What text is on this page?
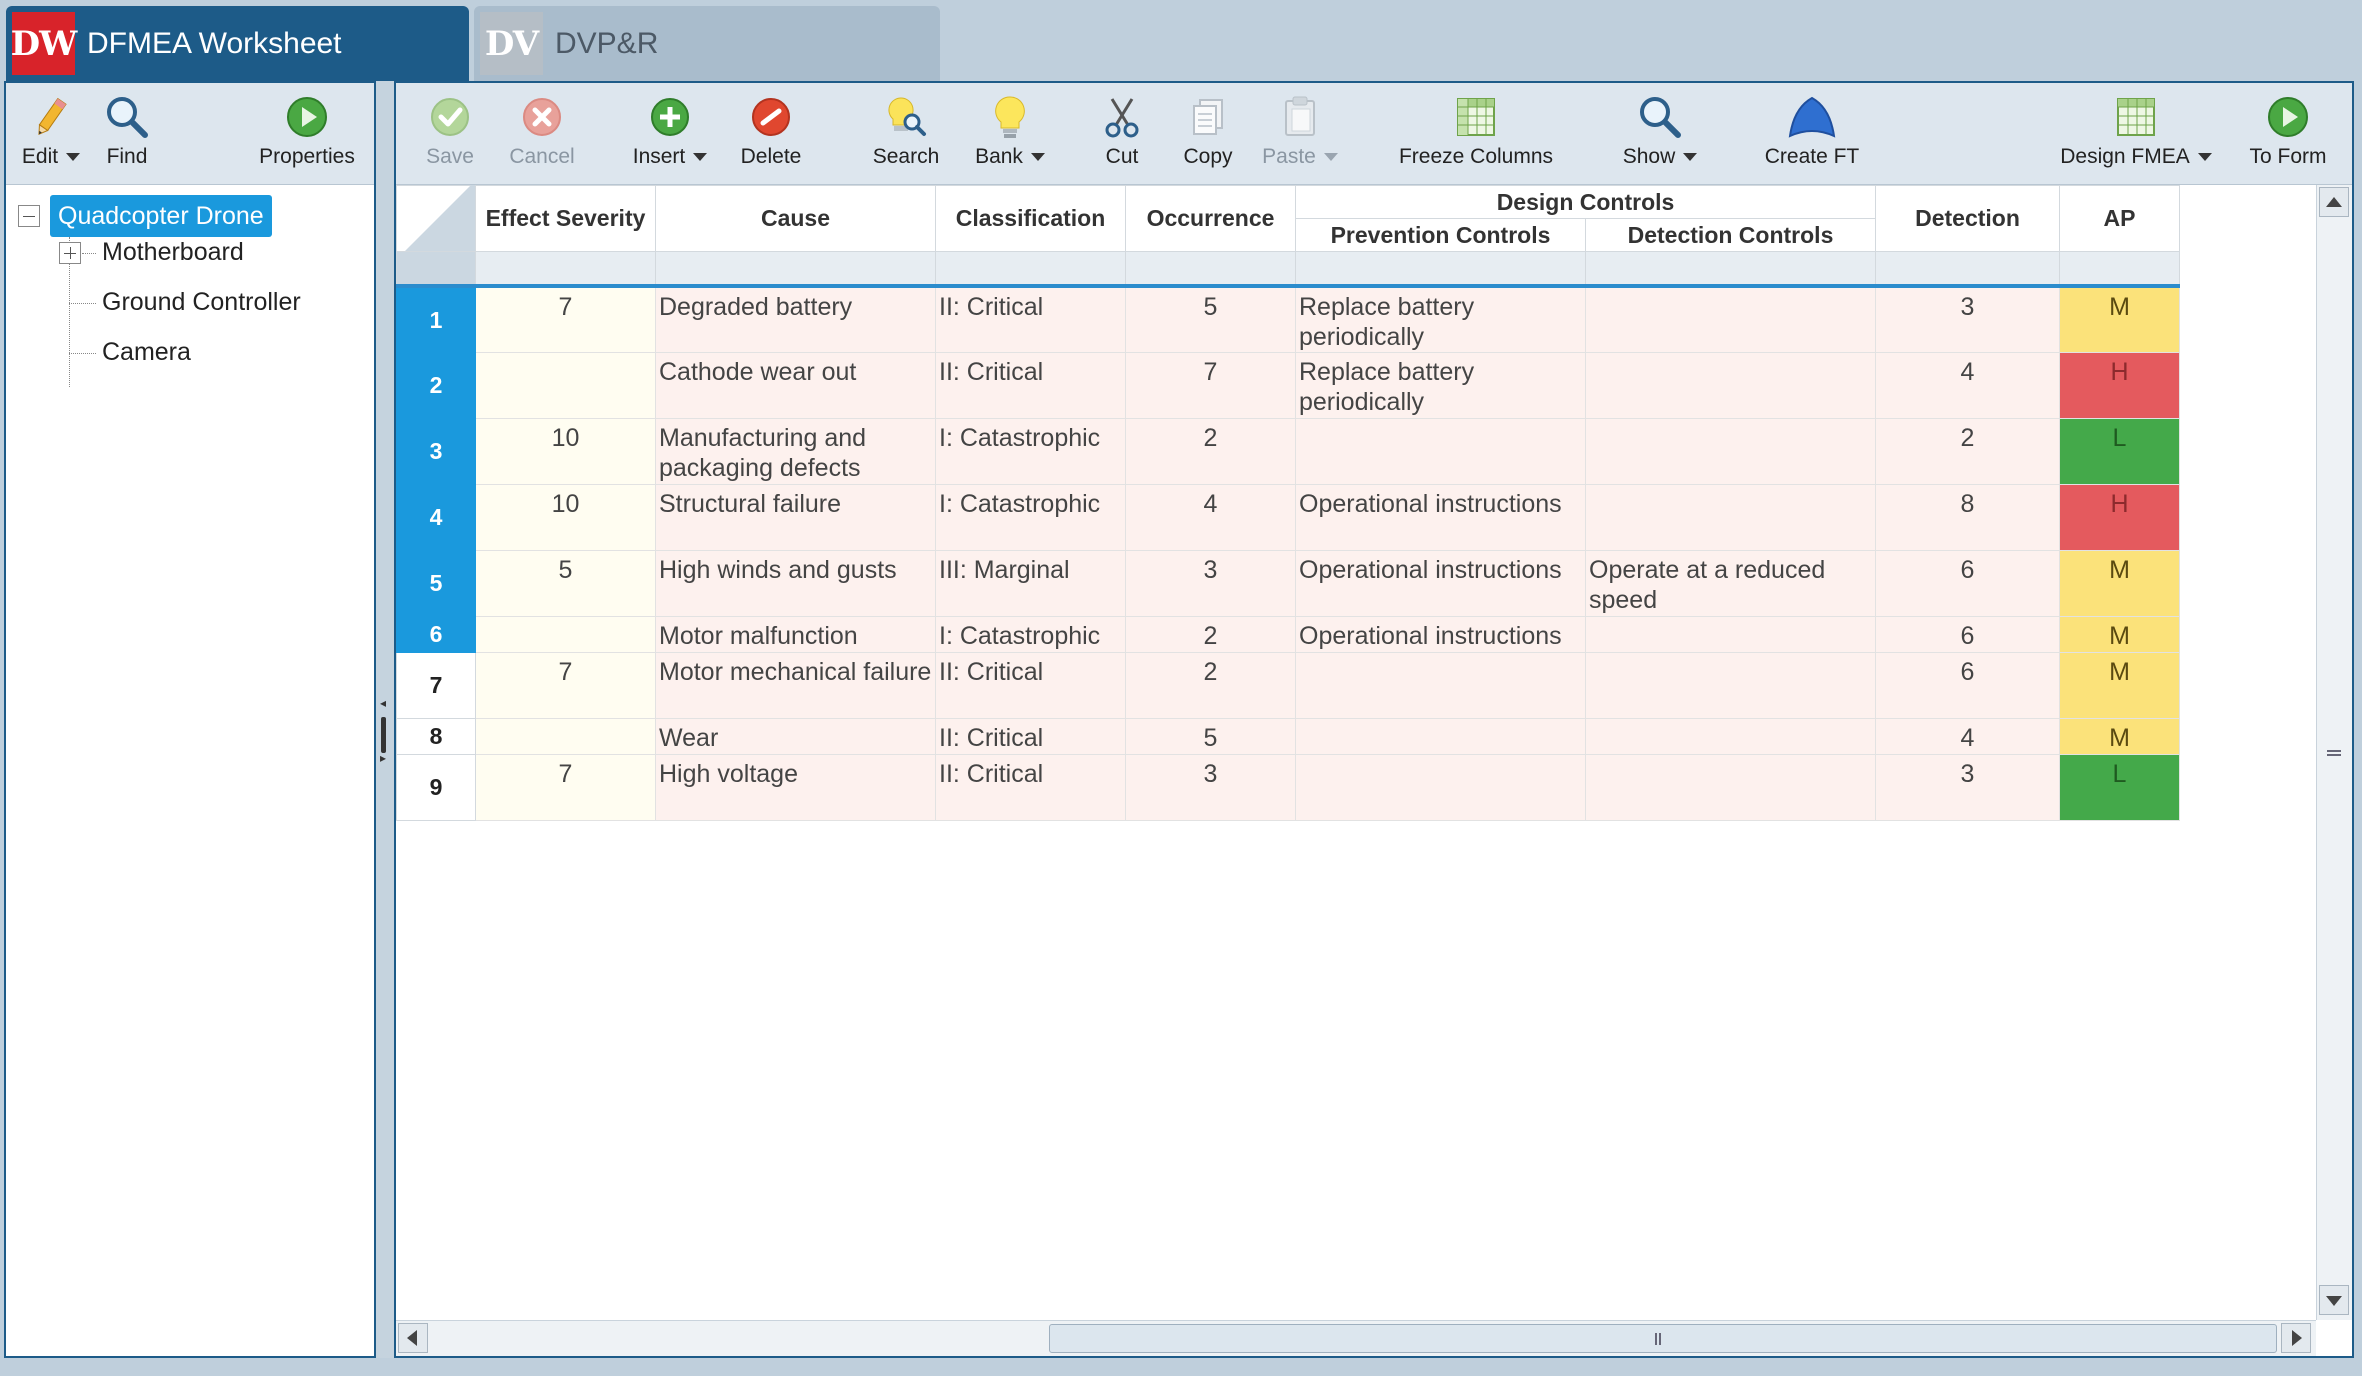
DW DFMEA Worksheet	DV DVP&R
Edit	Find	Properties
Quadcopter Drone
Motherboard
Ground Controller
Camera
◂
▸
Save Cancel	Insert	Delete	Search Bank	Cut Copy Paste	Freeze Columns	Show	Create FT	Design FMEA	To Form
	Effect Severity	Cause	Classification	Occurrence	Design Controls		Detection	AP
					Prevention Controls	Detection Controls		

1	7	Degraded battery	II: Critical	5	Replace battery periodically		3	M
2		Cathode wear out	II: Critical	7	Replace battery periodically		4	H
3	10	Manufacturing and packaging defects	I: Catastrophic	2			2	L
4	10	Structural failure	I: Catastrophic	4	Operational instructions		8	H
5	5	High winds and gusts	III: Marginal	3	Operational instructions	Operate at a reduced speed	6	M
6		Motor malfunction	I: Catastrophic	2	Operational instructions		6	M
7	7	Motor mechanical failure	II: Critical	2			6	M
8		Wear	II: Critical	5			4	M
9	7	High voltage	II: Critical	3			3	L
